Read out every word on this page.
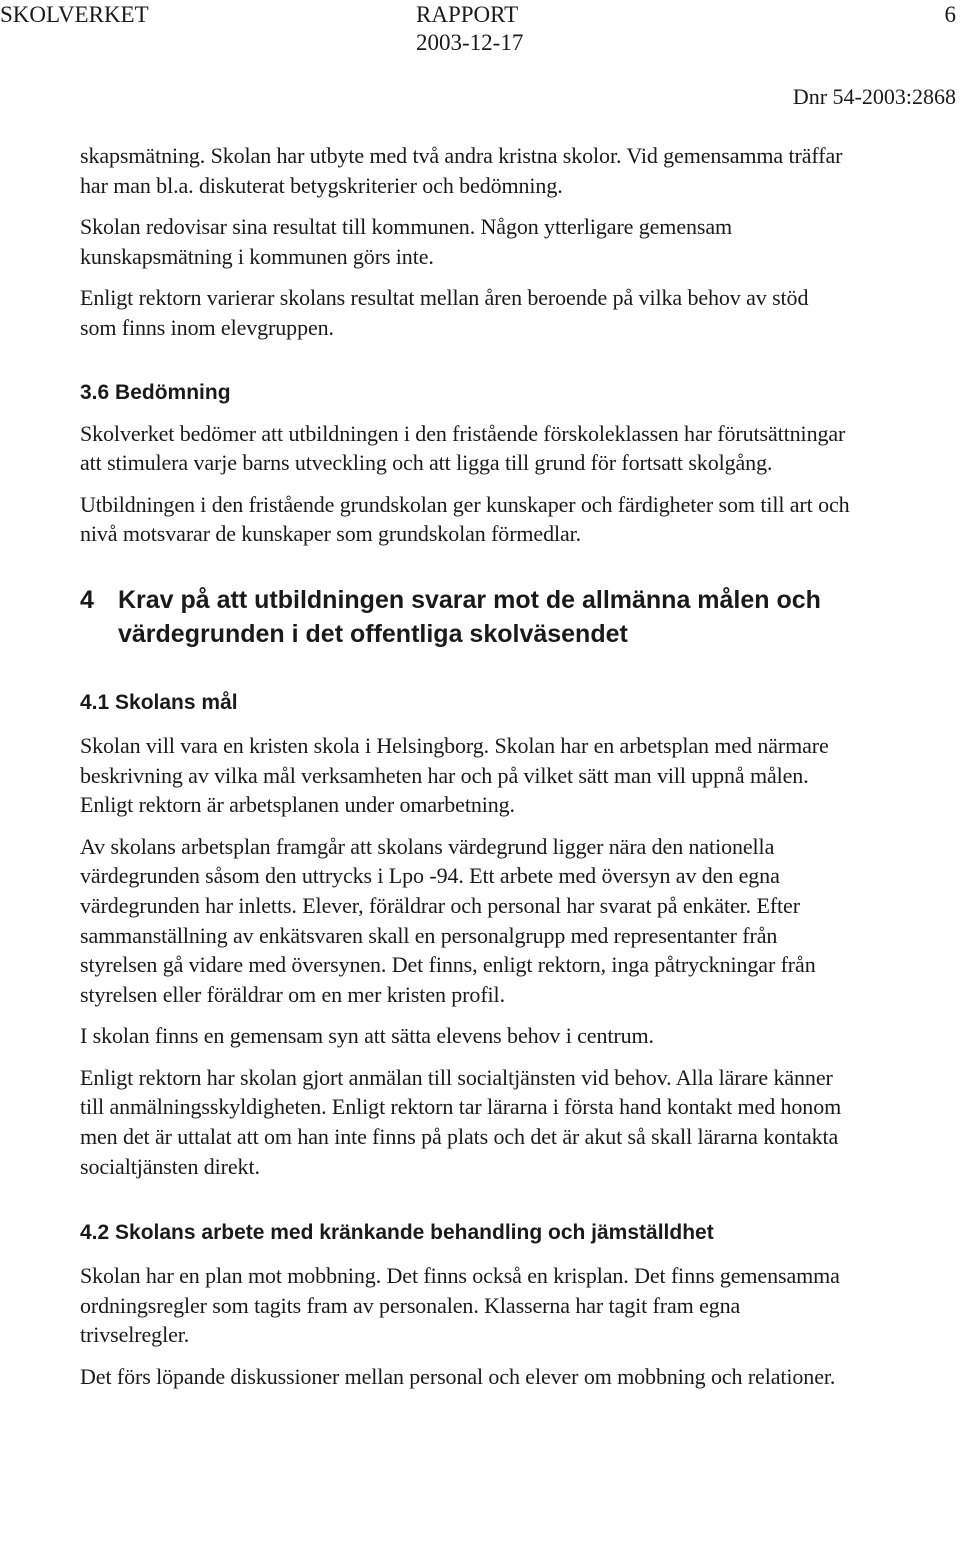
SKOLVERKET	RAPPORT
2003-12-17
6
Dnr 54-2003:2868

skapsmätning. Skolan har utbyte med två andra kristna skolor. Vid gemensamma träffar har man bl.a. diskuterat betygskriterier och bedömning.

Skolan redovisar sina resultat till kommunen. Någon ytterligare gemensam kunskapsmätning i kommunen görs inte.

Enligt rektorn varierar skolans resultat mellan åren beroende på vilka behov av stöd som finns inom elevgruppen.

3.6 Bedömning

Skolverket bedömer att utbildningen i den fristående förskoleklassen har förutsättningar att stimulera varje barns utveckling och att ligga till grund för fortsatt skolgång.

Utbildningen i den fristående grundskolan ger kunskaper och färdigheter som till art och nivå motsvarar de kunskaper som grundskolan förmedlar.

4 Krav på att utbildningen svarar mot de allmänna målen och värdegrunden i det offentliga skolväsendet
4.1 Skolans mål

Skolan vill vara en kristen skola i Helsingborg. Skolan har en arbetsplan med närmare beskrivning av vilka mål verksamheten har och på vilket sätt man vill uppnå målen. Enligt rektorn är arbetsplanen under omarbetning.

Av skolans arbetsplan framgår att skolans värdegrund ligger nära den nationella värdegrunden såsom den uttrycks i Lpo -94. Ett arbete med översyn av den egna värdegrunden har inletts. Elever, föräldrar och personal har svarat på enkäter. Efter sammanställning av enkätsvaren skall en personalgrupp med representanter från styrelsen gå vidare med översynen. Det finns, enligt rektorn, inga påtryckningar från styrelsen eller föräldrar om en mer kristen profil.

I skolan finns en gemensam syn att sätta elevens behov i centrum.

Enligt rektorn har skolan gjort anmälan till socialtjänsten vid behov. Alla lärare känner till anmälningsskyldigheten. Enligt rektorn tar lärarna i första hand kontakt med honom men det är uttalat att om han inte finns på plats och det är akut så skall lärarna kontakta socialtjänsten direkt.

4.2 Skolans arbete med kränkande behandling och jämställdhet

Skolan har en plan mot mobbning. Det finns också en krisplan. Det finns gemensamma ordningsregler som tagits fram av personalen. Klasserna har tagit fram egna trivselregler.

Det förs löpande diskussioner mellan personal och elever om mobbning och relationer.
